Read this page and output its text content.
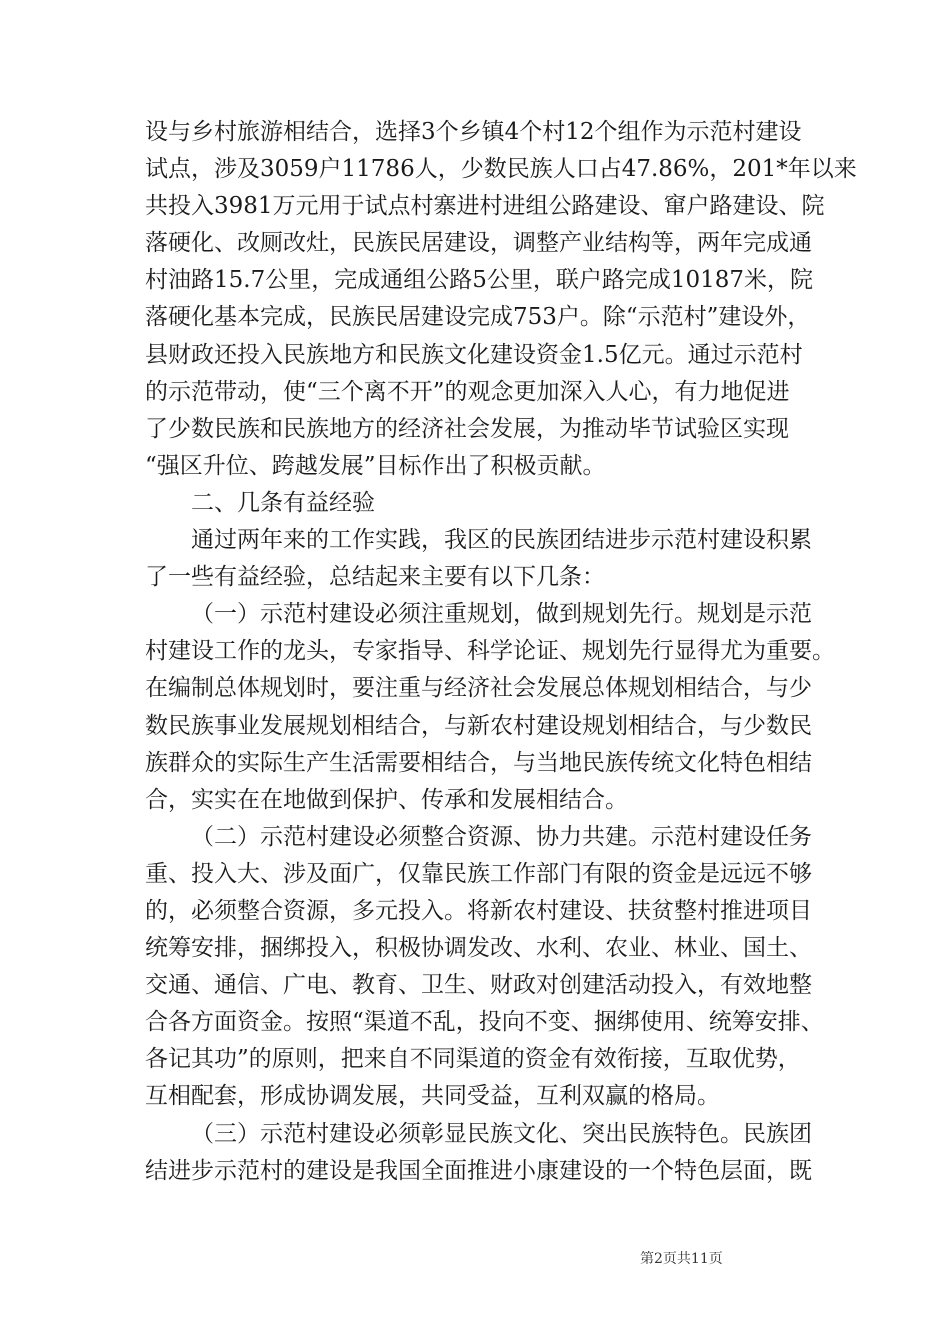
设与乡村旅游相结合，选择3个乡镇4个村12个组作为示范村建设
试点，涉及3059户11786人，少数民族人口占47.86%，201*年以来
共投入3981万元用于试点村寨进村进组公路建设、窜户路建设、院
落硬化、改厕改灶，民族民居建设，调整产业结构等，两年完成通
村油路15.7公里，完成通组公路5公里，联户路完成10187米，院
落硬化基本完成，民族民居建设完成753户。除“示范村”建设外，
县财政还投入民族地方和民族文化建设资金1.5亿元。通过示范村
的示范带动，使“三个离不开”的观念更加深入人心，有力地促进
了少数民族和民族地方的经济社会发展，为推动毕节试验区实现
“强区升位、跨越发展”目标作出了积极贡献。
二、几条有益经验
通过两年来的工作实践，我区的民族团结进步示范村建设积累
了一些有益经验，总结起来主要有以下几条：
（一）示范村建设必须注重规划，做到规划先行。规划是示范
村建设工作的龙头，专家指导、科学论证、规划先行显得尤为重要。
在编制总体规划时，要注重与经济社会发展总体规划相结合，与少
数民族事业发展规划相结合，与新农村建设规划相结合，与少数民
族群众的实际生产生活需要相结合，与当地民族传统文化特色相结
合，实实在在地做到保护、传承和发展相结合。
（二）示范村建设必须整合资源、协力共建。示范村建设任务
重、投入大、涉及面广，仅靠民族工作部门有限的资金是远远不够
的，必须整合资源，多元投入。将新农村建设、扶贫整村推进项目
统筹安排，捆绑投入，积极协调发改、水利、农业、林业、国土、
交通、通信、广电、教育、卫生、财政对创建活动投入，有效地整
合各方面资金。按照“渠道不乱，投向不变、捆绑使用、统筹安排、
各记其功”的原则，把来自不同渠道的资金有效衔接，互取优势，
互相配套，形成协调发展，共同受益，互利双赢的格局。
（三）示范村建设必须彰显民族文化、突出民族特色。民族团
结进步示范村的建设是我国全面推进小康建设的一个特色层面，既
第2页共11页
